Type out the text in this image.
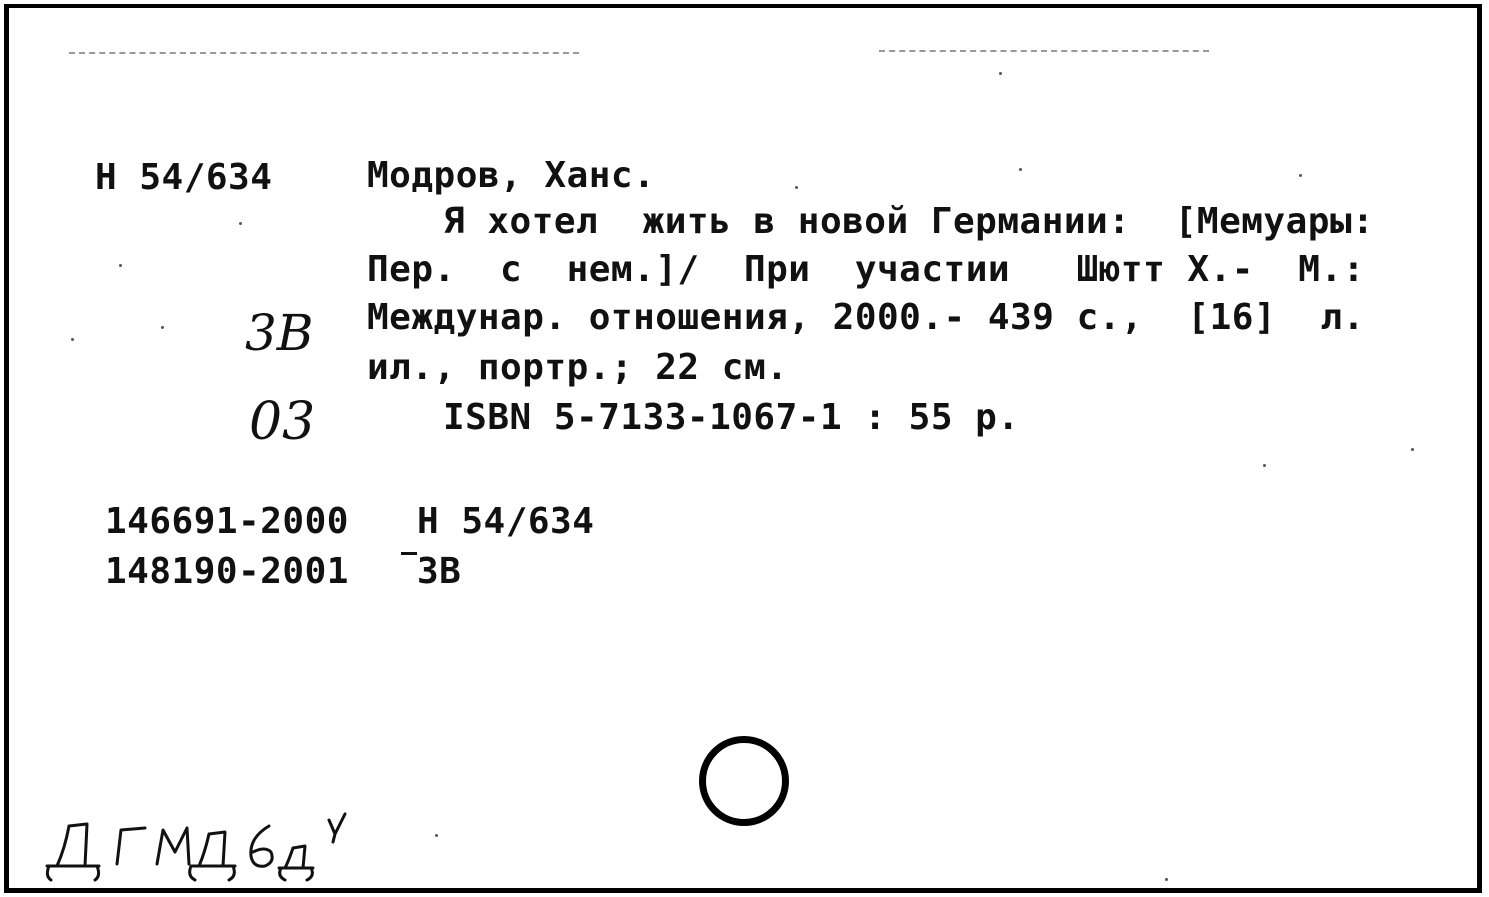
Н 54/634	Модров, Ханс.
Я хотел  жить в новой Германии:  [Мемуары:
Пер.  с  нем.]/  При  участии   Шютт Х.-  М.:
Междунар. отношения, 2000.- 439 с.,  [16]  л.
ил., портр.; 22 см.
ISBN 5-7133-1067-1 : 55 р.
3В
03
146691-2000 Н 54/634
148190-2001 3В
